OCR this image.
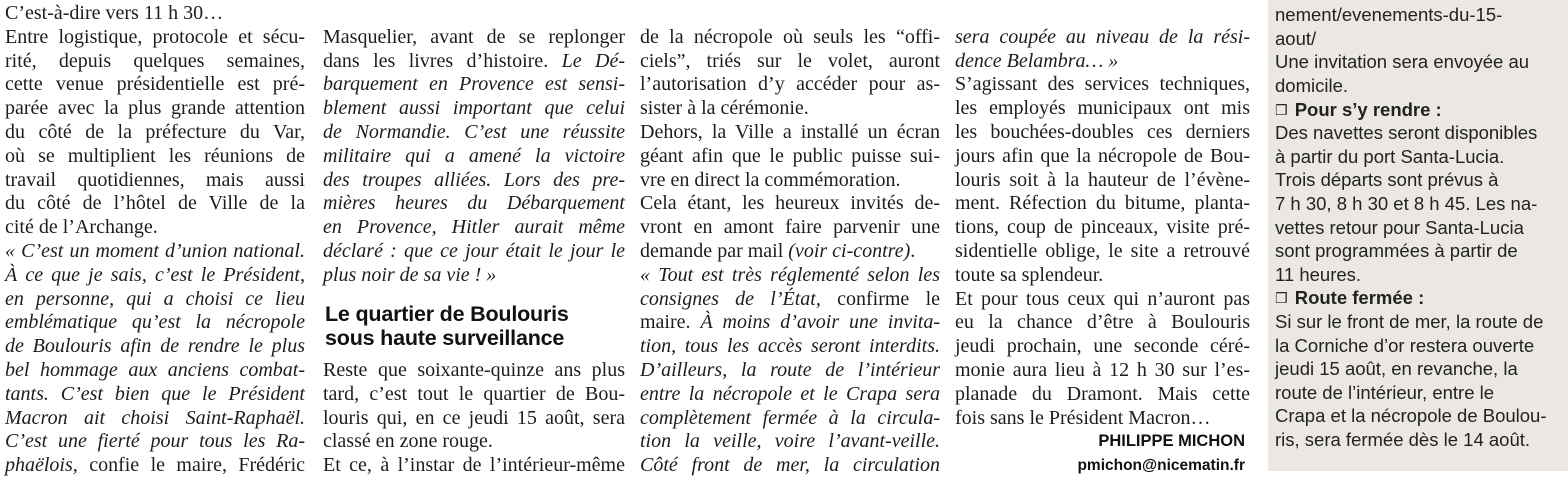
C’est-à-dire vers 11 h 30…
Entre logistique, protocole et sécu-
rité, depuis quelques semaines,
cette venue présidentielle est pré-
parée avec la plus grande attention
du côté de la préfecture du Var,
où se multiplient les réunions de
travail quotidiennes, mais aussi
du côté de l’hôtel de Ville de la
cité de l’Archange.
« C’est un moment d’union national.
À ce que je sais, c’est le Président,
en personne, qui a choisi ce lieu
emblématique qu’est la nécropole
de Boulouris afin de rendre le plus
bel hommage aux anciens combat-
tants. C’est bien que le Président
Macron ait choisi Saint-Raphaël.
C’est une fierté pour tous les Ra-
phaëlois, confie le maire, Frédéric
Masquelier, avant de se replonger
dans les livres d’histoire. Le Dé-
barquement en Provence est sensi-
blement aussi important que celui
de Normandie. C’est une réussite
militaire qui a amené la victoire
des troupes alliées. Lors des pre-
mières heures du Débarquement
en Provence, Hitler aurait même
déclaré : que ce jour était le jour le
plus noir de sa vie ! »
Le quartier de Boulouris
sous haute surveillance
Reste que soixante-quinze ans plus
tard, c’est tout le quartier de Bou-
louris qui, en ce jeudi 15 août, sera
classé en zone rouge.
Et ce, à l’instar de l’intérieur-même
de la nécropole où seuls les “offi-
ciels”, triés sur le volet, auront
l’autorisation d’y accéder pour as-
sister à la cérémonie.
Dehors, la Ville a installé un écran
géant afin que le public puisse sui-
vre en direct la commémoration.
Cela étant, les heureux invités de-
vront en amont faire parvenir une
demande par mail (voir ci-contre).
« Tout est très réglementé selon les
consignes de l’État, confirme le
maire. À moins d’avoir une invita-
tion, tous les accès seront interdits.
D’ailleurs, la route de l’intérieur
entre la nécropole et le Crapa sera
complètement fermée à la circula-
tion la veille, voire l’avant-veille.
Côté front de mer, la circulation
sera coupée au niveau de la rési-
dence Belambra… »
S’agissant des services techniques,
les employés municipaux ont mis
les bouchées-doubles ces derniers
jours afin que la nécropole de Bou-
louris soit à la hauteur de l’évène-
ment. Réfection du bitume, planta-
tions, coup de pinceaux, visite pré-
sidentielle oblige, le site a retrouvé
toute sa splendeur.
Et pour tous ceux qui n’auront pas
eu la chance d’être à Boulouris
jeudi prochain, une seconde céré-
monie aura lieu à 12 h 30 sur l’es-
planade du Dramont. Mais cette
fois sans le Président Macron…
PHILIPPE MICHON
pmichon@nicematin.fr
nement/evenements-du-15-
aout/
Une invitation sera envoyée au
domicile.
❒ Pour s’y rendre :
Des navettes seront disponibles
à partir du port Santa-Lucia.
Trois départs sont prévus à
7 h 30, 8 h 30 et 8 h 45. Les na-
vettes retour pour Santa-Lucia
sont programmées à partir de
11 heures.
❒ Route fermée :
Si sur le front de mer, la route de
la Corniche d’or restera ouverte
jeudi 15 août, en revanche, la
route de l’intérieur, entre le
Crapa et la nécropole de Boulou-
ris, sera fermée dès le 14 août.
